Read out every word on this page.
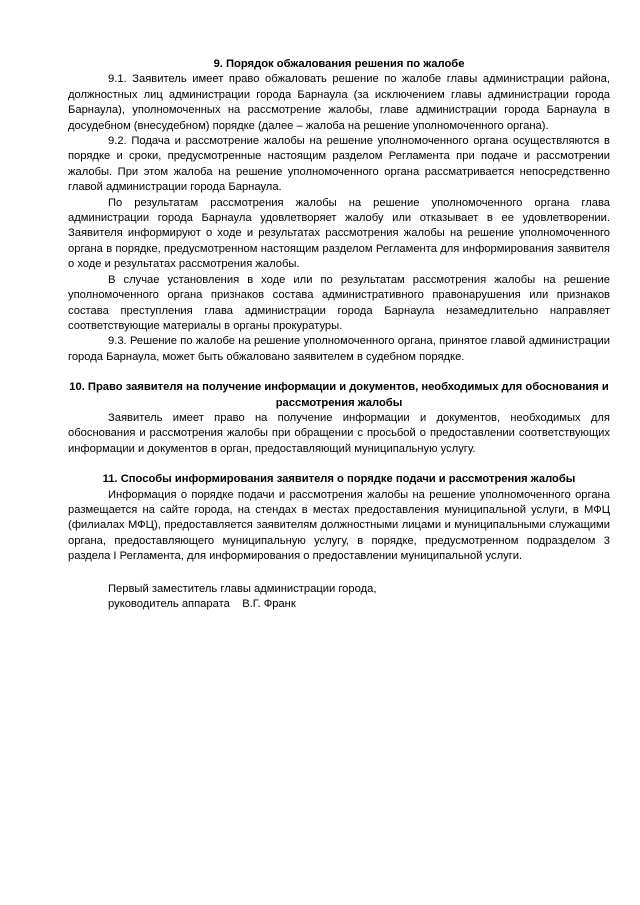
9. Порядок обжалования решения по жалобе

9.1. Заявитель имеет право обжаловать решение по жалобе главы администрации района, должностных лиц администрации города Барнаула (за исключением главы администрации города Барнаула), уполномоченных на рассмотрение жалобы, главе администрации города Барнаула в досудебном (внесудебном) порядке (далее – жалоба на решение уполномоченного органа).

9.2. Подача и рассмотрение жалобы на решение уполномоченного органа осуществляются в порядке и сроки, предусмотренные настоящим разделом Регламента при подаче и рассмотрении жалобы. При этом жалоба на решение уполномоченного органа рассматривается непосредственно главой администрации города Барнаула.

По результатам рассмотрения жалобы на решение уполномоченного органа глава администрации города Барнаула удовлетворяет жалобу или отказывает в ее удовлетворении. Заявителя информируют о ходе и результатах рассмотрения жалобы на решение уполномоченного органа в порядке, предусмотренном настоящим разделом Регламента для информирования заявителя о ходе и результатах рассмотрения жалобы.

В случае установления в ходе или по результатам рассмотрения жалобы на решение уполномоченного органа признаков состава административного правонарушения или признаков состава преступления глава администрации города Барнаула незамедлительно направляет соответствующие материалы в органы прокуратуры.

9.3. Решение по жалобе на решение уполномоченного органа, принятое главой администрации города Барнаула, может быть обжаловано заявителем в судебном порядке.

10. Право заявителя на получение информации и документов, необходимых для обоснования и рассмотрения жалобы

Заявитель имеет право на получение информации и документов, необходимых для обоснования и рассмотрения жалобы при обращении с просьбой о предоставлении соответствующих информации и документов в орган, предоставляющий муниципальную услугу.

11. Способы информирования заявителя о порядке подачи и рассмотрения жалобы

Информация о порядке подачи и рассмотрения жалобы на решение уполномоченного органа размещается на сайте города, на стендах в местах предоставления муниципальной услуги, в МФЦ (филиалах МФЦ), предоставляется заявителям должностными лицами и муниципальными служащими органа, предоставляющего муниципальную услугу, в порядке, предусмотренном подразделом 3 раздела I Регламента, для информирования о предоставлении муниципальной услуги.

Первый заместитель главы администрации города,
руководитель аппарата    В.Г. Франк
